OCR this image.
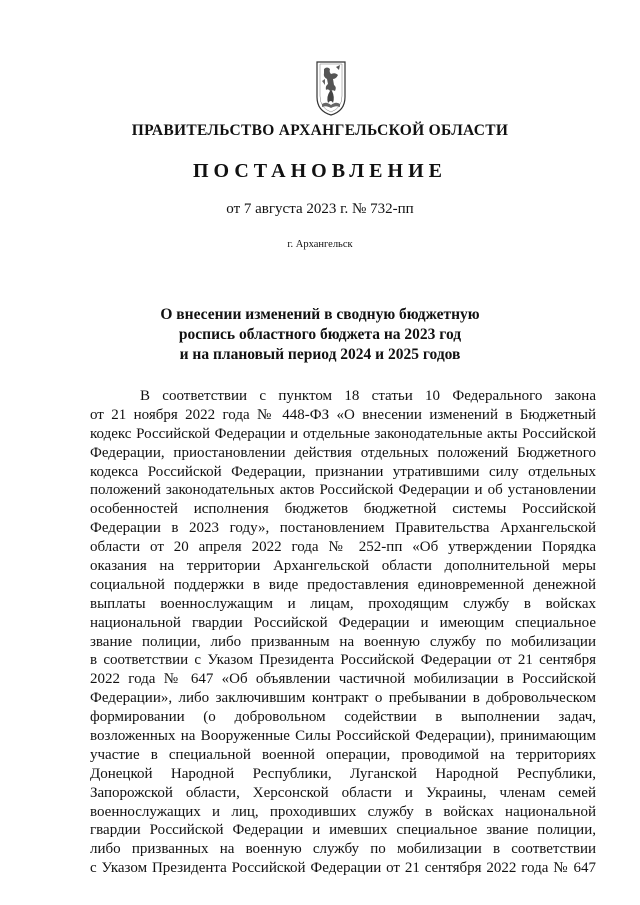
ПРАВИТЕЛЬСТВО АРХАНГЕЛЬСКОЙ ОБЛАСТИ
ПОСТАНОВЛЕНИЕ
от 7 августа 2023 г. № 732-пп
г. Архангельск
О внесении изменений в сводную бюджетную
роспись областного бюджета на 2023 год
и на плановый период 2024 и 2025 годов
В соответствии с пунктом 18 статьи 10 Федерального закона
от 21 ноября 2022 года № 448-ФЗ «О внесении изменений в Бюджетный
кодекс Российской Федерации и отдельные законодательные акты Российской
Федерации, приостановлении действия отдельных положений Бюджетного
кодекса Российской Федерации, признании утратившими силу отдельных
положений законодательных актов Российской Федерации и об установлении
особенностей исполнения бюджетов бюджетной системы Российской
Федерации в 2023 году», постановлением Правительства Архангельской
области от 20 апреля 2022 года № 252-пп «Об утверждении Порядка
оказания на территории Архангельской области дополнительной меры
социальной поддержки в виде предоставления единовременной денежной
выплаты военнослужащим и лицам, проходящим службу в войсках
национальной гвардии Российской Федерации и имеющим специальное
звание полиции, либо призванным на военную службу по мобилизации
в соответствии с Указом Президента Российской Федерации от 21 сентября
2022 года № 647 «Об объявлении частичной мобилизации в Российской
Федерации», либо заключившим контракт о пребывании в добровольческом
формировании (о добровольном содействии в выполнении задач,
возложенных на Вооруженные Силы Российской Федерации), принимающим
участие в специальной военной операции, проводимой на территориях
Донецкой Народной Республики, Луганской Народной Республики,
Запорожской области, Херсонской области и Украины, членам семей
военнослужащих и лиц, проходивших службу в войсках национальной
гвардии Российской Федерации и имевших специальное звание полиции,
либо призванных на военную службу по мобилизации в соответствии
с Указом Президента Российской Федерации от 21 сентября 2022 года № 647
